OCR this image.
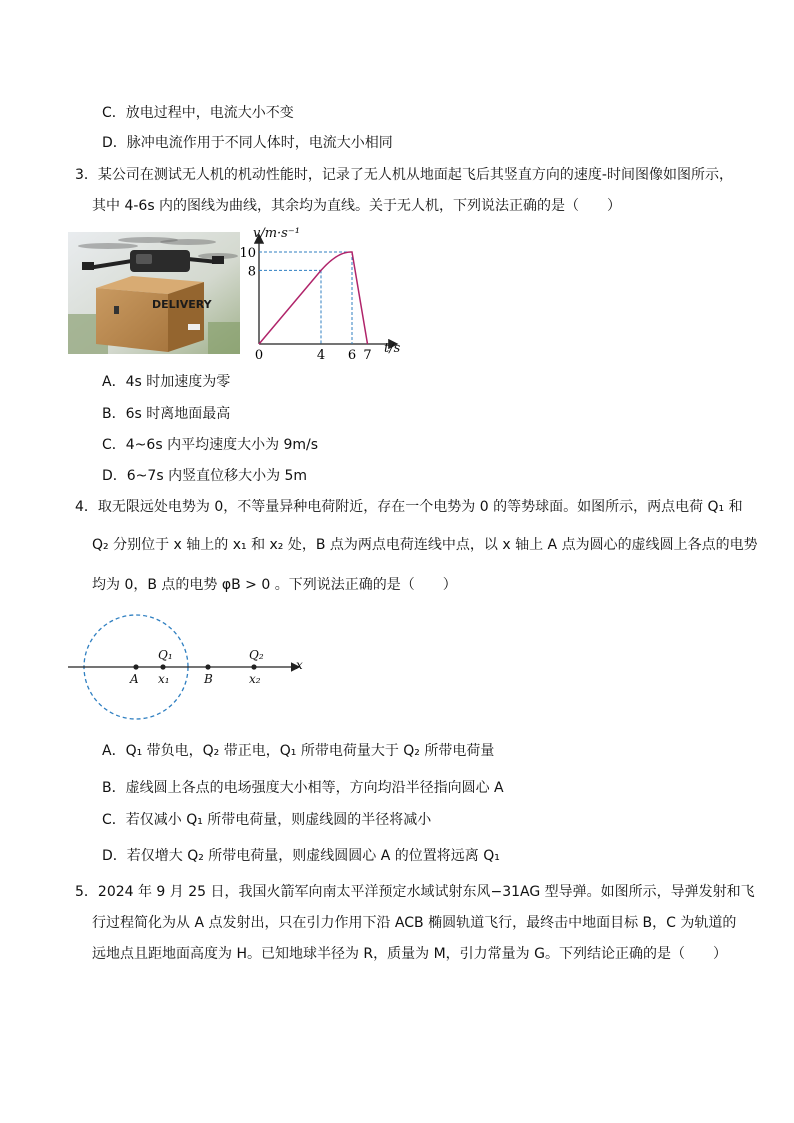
C．放电过程中，电流大小不变
D．脉冲电流作用于不同人体时，电流大小相同
3．某公司在测试无人机的机动性能时，记录了无人机从地面起飞后其竖直方向的速度-时间图像如图所示，
其中 4-6s 内的图线为曲线，其余均为直线。关于无人机，下列说法正确的是（　　）
DELIVERY
0	4 6 7
8
10
v/m·s⁻¹
t/s
A．4s 时加速度为零
B．6s 时离地面最高
C．4~6s 内平均速度大小为 9m/s
D．6~7s 内竖直位移大小为 5m
4．取无限远处电势为 0，不等量异种电荷附近，存在一个电势为 0 的等势球面。如图所示，两点电荷 Q₁ 和
Q₂ 分别位于 x 轴上的 x₁ 和 x₂ 处，B 点为两点电荷连线中点，以 x 轴上 A 点为圆心的虚线圆上各点的电势
均为 0，B 点的电势 φB > 0 。下列说法正确的是（　　）
A
Q₁
x₁	B
Q₂
x₂
x
A．Q₁ 带负电，Q₂ 带正电，Q₁ 所带电荷量大于 Q₂ 所带电荷量
B．虚线圆上各点的电场强度大小相等，方向均沿半径指向圆心 A
C．若仅减小 Q₁ 所带电荷量，则虚线圆的半径将减小
D．若仅增大 Q₂ 所带电荷量，则虚线圆圆心 A 的位置将远离 Q₁
5．2024 年 9 月 25 日，我国火箭军向南太平洋预定水域试射东风−31AG 型导弹。如图所示，导弹发射和飞
行过程简化为从 A 点发射出，只在引力作用下沿 ACB 椭圆轨道飞行，最终击中地面目标 B，C 为轨道的
远地点且距地面高度为 H。已知地球半径为 R，质量为 M，引力常量为 G。下列结论正确的是（　　）
